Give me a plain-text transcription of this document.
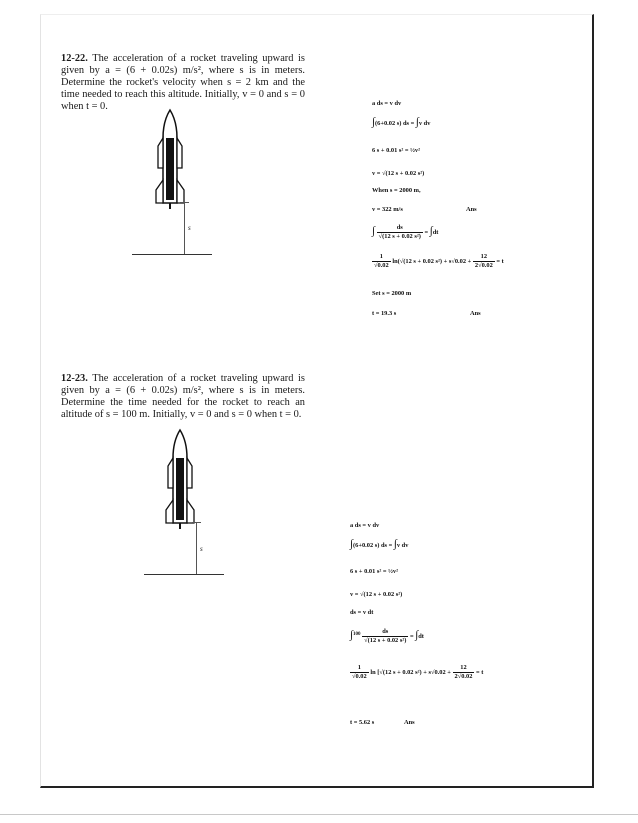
12-22. The acceleration of a rocket traveling upward is given by a = (6 + 0.02s) m/s², where s is in meters. Determine the rocket's velocity when s = 2 km and the time needed to reach this altitude. Initially, v = 0 and s = 0 when t = 0.
s
a ds = v dv
∫(6+0.02 s) ds = ∫v dv
6 s + 0.01 s² = ½v²
v = √(12 s + 0.02 s²)
When s = 2000 m,
v = 322 m/s	Ans
∫ $\frac{ds}{\text{√(12 s + 0.02 s²)}} = \int dt$
$\frac{1}{√0.02} \ln(√(12$ s + 0.02 $s^2) + s√0.02 + \frac{12}{2√0.02} = t$
Set s = 2000 m
t = 19.3 s	Ans
12-23. The acceleration of a rocket traveling upward is given by a = (6 + 0.02s) m/s², where s is in meters. Determine the time needed for the rocket to reach an altitude of s = 100 m. Initially, v = 0 and s = 0 when t = 0.
s
a ds = v dv
∫(6+0.02 s) ds = ∫v dv
6 s + 0.01 s² = ½v²
v = √(12 s + 0.02 s²)
ds = v dt
$\int^{100} \frac{ds}{\text{√(12 s + 0.02 s²)}} = \int dt$
$\frac{1}{√0.02}$ ln [√(12 s + 0.02 $s^2) + s√0.02 + \frac{12}{2√0.02} = t$
t = 5.62 s	Ans
